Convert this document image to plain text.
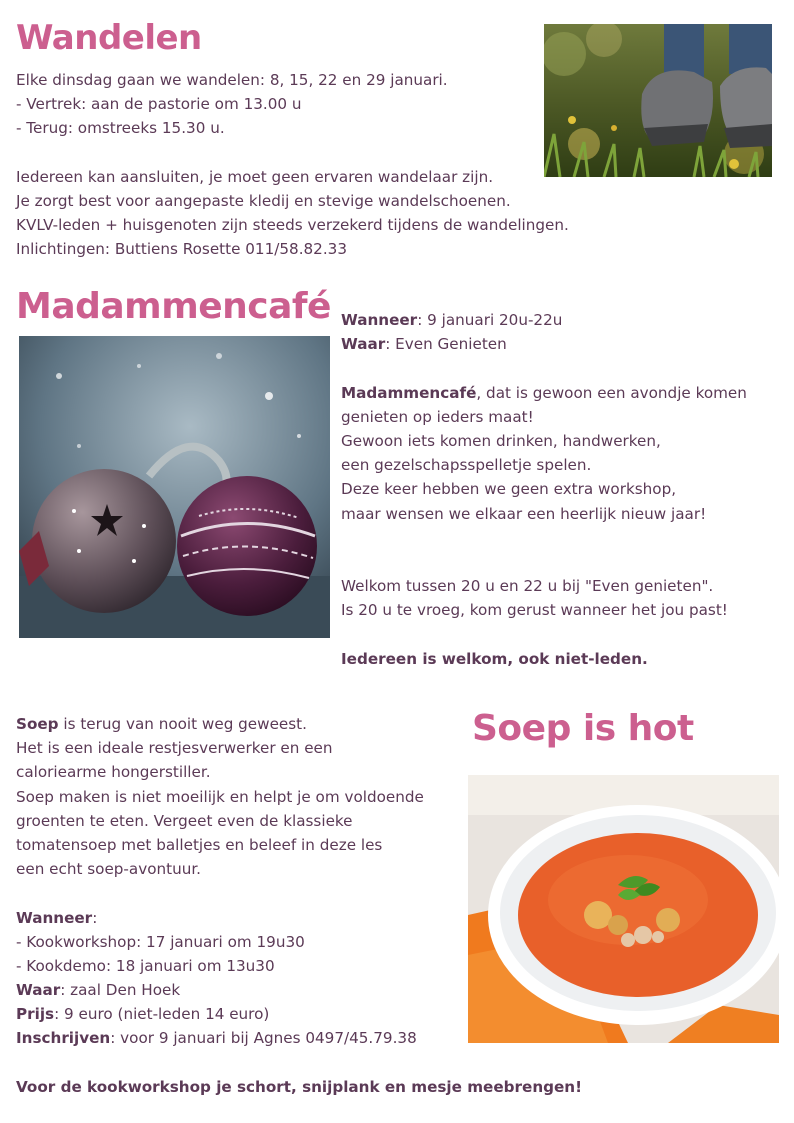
Wandelen
Elke dinsdag gaan we wandelen: 8, 15, 22 en 29 januari.
- Vertrek: aan de pastorie om 13.00 u
- Terug: omstreeks 15.30 u.
Iedereen kan aansluiten, je moet geen ervaren wandelaar zijn.
Je zorgt best voor aangepaste kledij en stevige wandelschoenen.
KVLV-leden + huisgenoten zijn steeds verzekerd tijdens de wandelingen.
Inlichtingen: Buttiens Rosette 011/58.82.33
Madammencafé Wanneer: 9 januari 20u-22u
Waar: Even Genieten
Madammencafé, dat is gewoon een avondje komen
genieten op ieders maat!
Gewoon iets komen drinken, handwerken,
een gezelschapsspelletje spelen.
Deze keer hebben we geen extra workshop,
maar wensen we elkaar een heerlijk nieuw jaar!
Welkom tussen 20 u en 22 u bij "Even genieten".
Is 20 u te vroeg, kom gerust wanneer het jou past!
Iedereen is welkom, ook niet-leden.
Soep is hot
Soep is terug van nooit weg geweest.
Het is een ideale restjesverwerker en een
caloriearme hongerstiller.
Soep maken is niet moeilijk en helpt je om voldoende
groenten te eten. Vergeet even de klassieke
tomatensoep met balletjes en beleef in deze les
een echt soep-avontuur.
Wanneer:
- Kookworkshop: 17 januari om 19u30
- Kookdemo: 18 januari om 13u30
Waar: zaal Den Hoek
Prijs: 9 euro (niet-leden 14 euro)
Inschrijven: voor 9 januari bij Agnes 0497/45.79.38
Voor de kookworkshop je schort, snijplank en mesje meebrengen!
